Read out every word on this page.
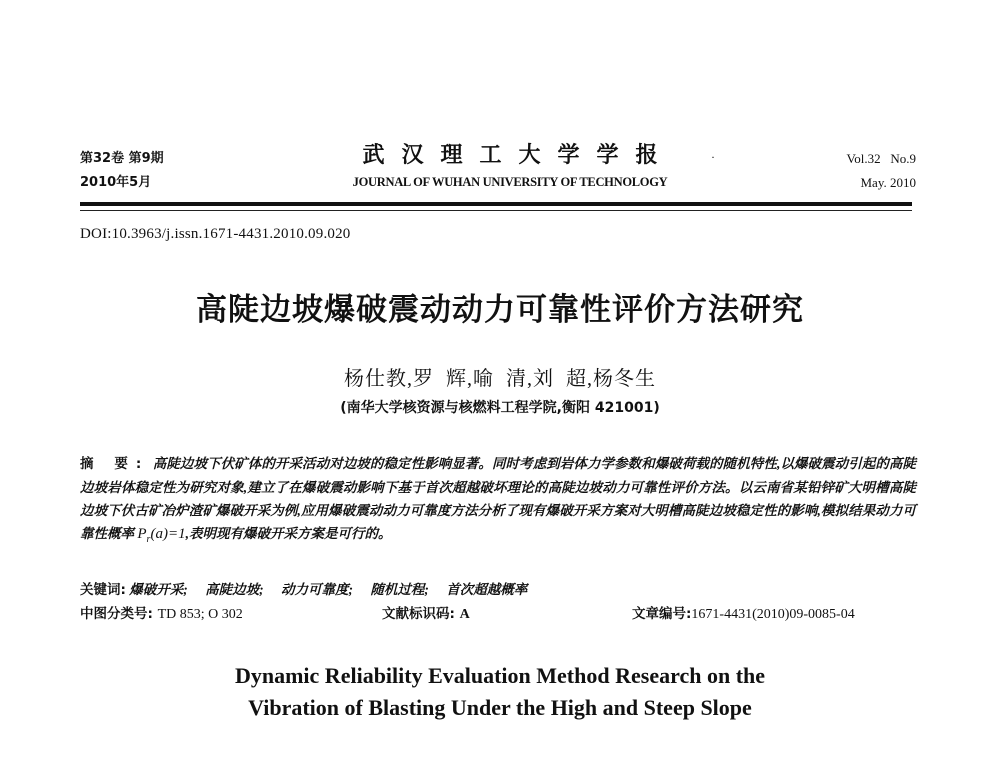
第32卷 第9期
2010年5月
武汉理工大学学报
JOURNAL OF WUHAN UNIVERSITY OF TECHNOLOGY
·	Vol.32   No.9
May. 2010
DOI:10.3963/j.issn.1671-4431.2010.09.020
高陡边坡爆破震动动力可靠性评价方法研究
杨仕教,罗  辉,喻  清,刘  超,杨冬生
(南华大学核资源与核燃料工程学院,衡阳 421001)
摘 要: 高陡边坡下伏矿体的开采活动对边坡的稳定性影响显著。同时考虑到岩体力学参数和爆破荷载的随机特性,以爆破震动引起的高陡边坡岩体稳定性为研究对象,建立了在爆破震动影响下基于首次超越破坏理论的高陡边坡动力可靠性评价方法。以云南省某铅锌矿大明槽高陡边坡下伏古矿冶炉渣矿爆破开采为例,应用爆破震动动力可靠度方法分析了现有爆破开采方案对大明槽高陡边坡稳定性的影响,模拟结果动力可靠性概率 $P_r(a)=1$,表明现有爆破开采方案是可行的。
关键词: 爆破开采; 高陡边坡; 动力可靠度; 随机过程; 首次超越概率
中图分类号: TD 853; O 302	文献标识码: A	文章编号:1671-4431(2010)09-0085-04
Dynamic Reliability Evaluation Method Research on the
Vibration of Blasting Under the High and Steep Slope
